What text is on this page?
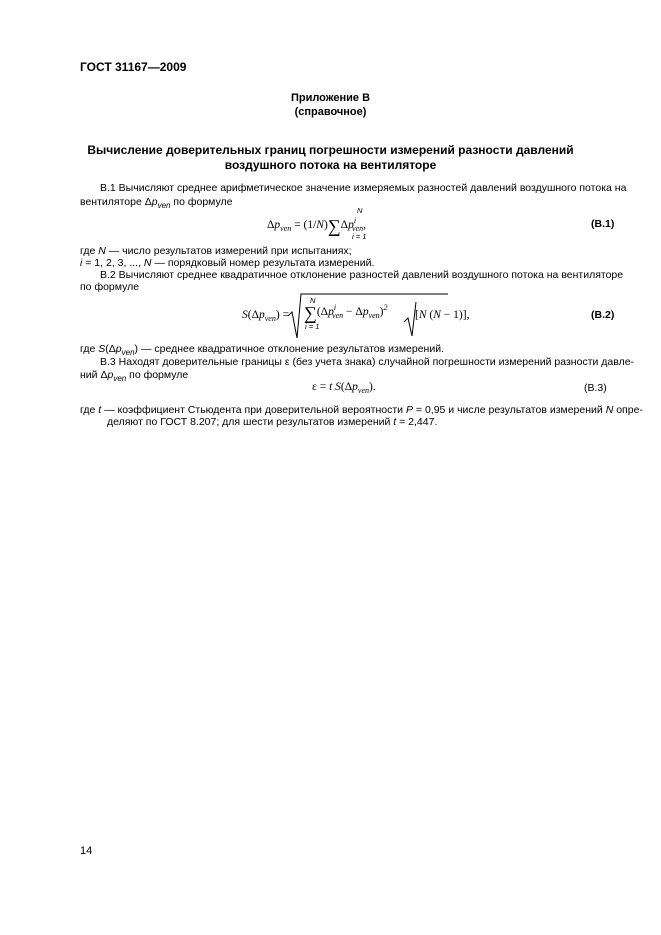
ГОСТ 31167—2009
Приложение В
(справочное)
Вычисление доверительных границ погрешности измерений разности давлений
воздушного потока на вентиляторе
В.1 Вычисляют среднее арифметическое значение измеряемых разностей давлений воздушного потока на
вентиляторе $\Delta p_{ven}$ по формуле
$\Delta p_{ven} = (1/N)\sum\Delta p^i_{ven}$,
N
i = 1
(В.1)
где N — число результатов измерений при испытаниях;
i = 1, 2, 3, ..., N — порядковый номер результата измерений.
В.2 Вычисляют среднее квадратичное отклонение разностей давлений воздушного потока на вентиляторе
по формуле
$S(\Delta p_{ven}) = \sum(\Delta p^i_{ven} - \Delta p_{ven})^2$
[N (N − 1)],
N
i = 1
(В.2)
где $S(\Delta p_{ven})$ — среднее квадратичное отклонение результатов измерений.
В.3 Находят доверительные границы ε (без учета знака) случайной погрешности измерений разности давле-
ний $\Delta p_{ven}$ по формуле
ε = t $S(\Delta p_{ven})$.	(В.3)
где t — коэффициент Стьюдента при доверительной вероятности P = 0,95 и числе результатов измерений N опре-
деляют по ГОСТ 8.207; для шести результатов измерений t = 2,447.
14
